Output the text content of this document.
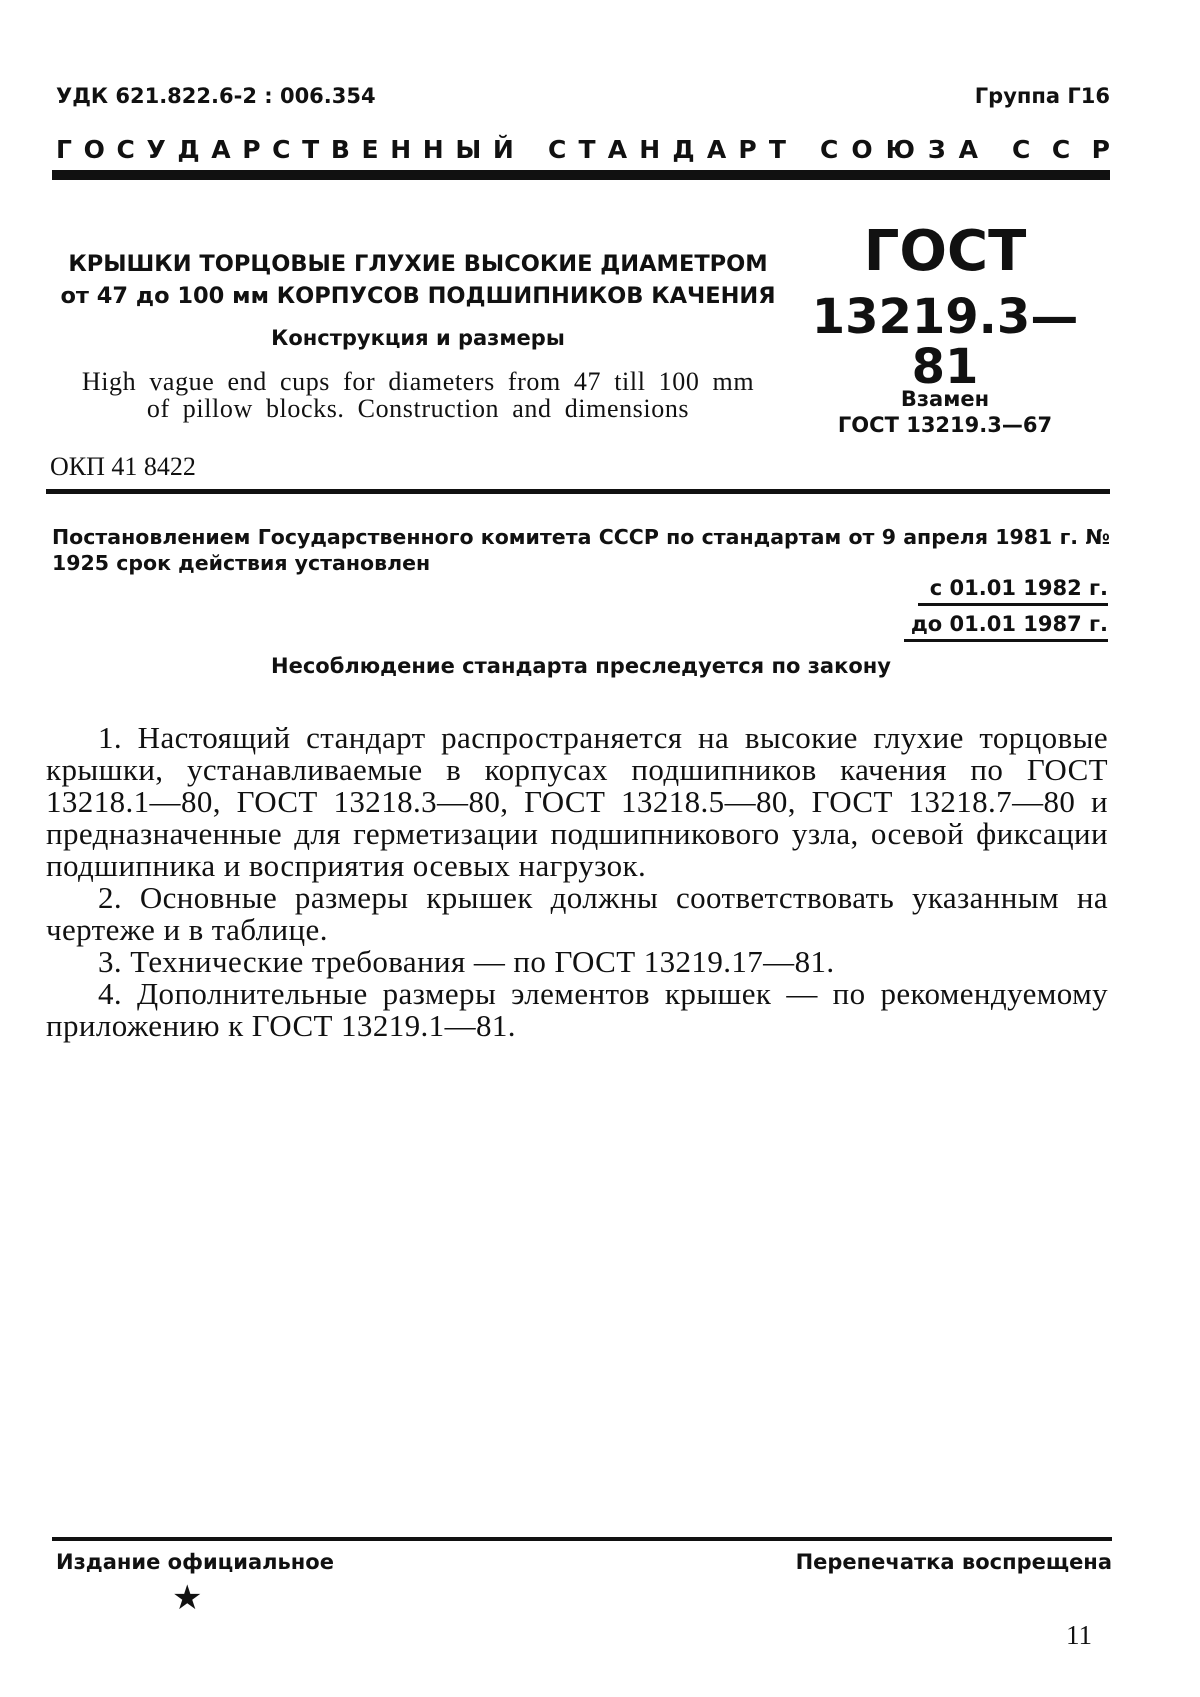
УДК 621.822.6-2 : 006.354	Группа Г16
Г О С У Д А Р С Т В Е Н Н Ы Й С Т А Н Д А Р Т С О Ю З А С С Р
КРЫШКИ ТОРЦОВЫЕ ГЛУХИЕ ВЫСОКИЕ ДИАМЕТРОМ
от 47 до 100 мм КОРПУСОВ ПОДШИПНИКОВ КАЧЕНИЯ
Конструкция и размеры
High vague end cups for diameters from 47 till 100 mm
of pillow blocks. Construction and dimensions
ГОСТ
13219.3—81
Взамен
ГОСТ 13219.3—67
ОКП 41 8422
Постановлением Государственного комитета СССР по стандартам от 9 апреля 1981 г. № 1925 срок действия установлен
с 01.01 1982 г.
до 01.01 1987 г.
Несоблюдение стандарта преследуется по закону

1. Настоящий стандарт распространяется на высокие глухие торцовые крышки, устанавливаемые в корпусах подшипников качения по ГОСТ 13218.1—80, ГОСТ 13218.3—80, ГОСТ 13218.5—80, ГОСТ 13218.7—80 и предназначенные для герметизации подшипникового узла, осевой фиксации подшипника и восприятия осевых нагрузок.

2. Основные размеры крышек должны соответствовать указанным на чертеже и в таблице.

3. Технические требования — по ГОСТ 13219.17—81.

4. Дополнительные размеры элементов крышек — по рекомендуемому приложению к ГОСТ 13219.1—81.

Издание официальное	Перепечатка воспрещена
★
11
